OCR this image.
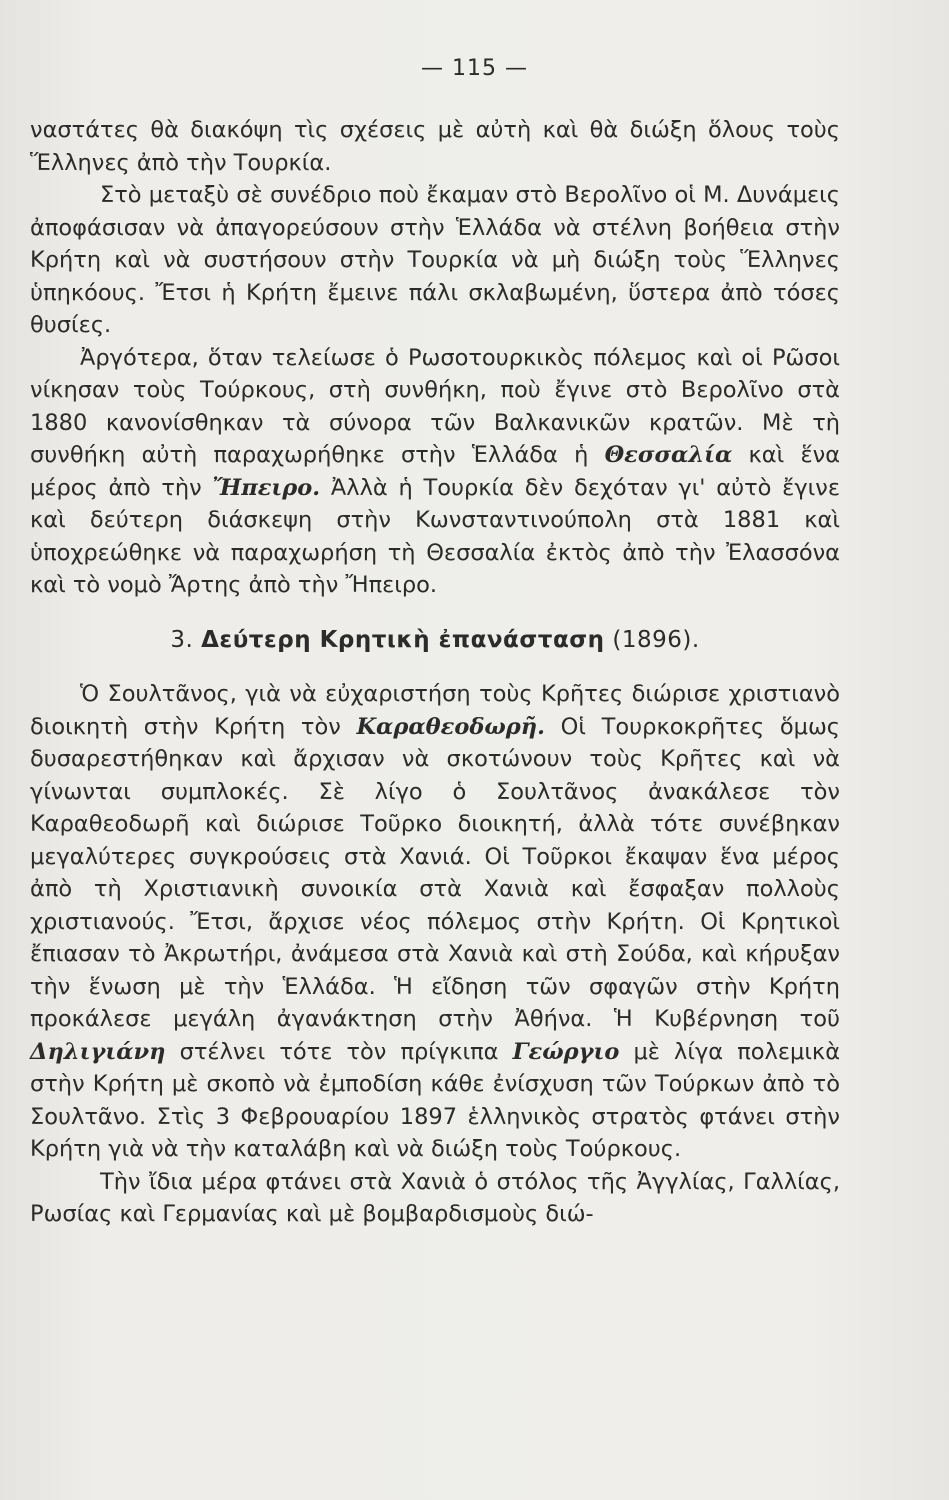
— 115 —

ναστάτες θὰ διακόψη τὶς σχέσεις μὲ αὐτὴ καὶ θὰ διώξη ὅλους τοὺς Ἕλληνες ἀπὸ τὴν Τουρκία.

Στὸ μεταξὺ σὲ συνέδριο ποὺ ἔκαμαν στὸ Βερολῖνο οἱ Μ. Δυνάμεις ἀποφάσισαν νὰ ἀπαγορεύσουν στὴν Ἑλλάδα νὰ στέλνη βοήθεια στὴν Κρήτη καὶ νὰ συστήσουν στὴν Τουρκία νὰ μὴ διώξη τοὺς Ἕλληνες ὑπηκόους. Ἔτσι ἡ Κρήτη ἔμεινε πάλι σκλαβωμένη, ὕστερα ἀπὸ τόσες θυσίες.

Ἀργότερα, ὅταν τελείωσε ὁ Ρωσοτουρκικὸς πόλεμος καὶ οἱ Ρῶσοι νίκησαν τοὺς Τούρκους, στὴ συνθήκη, ποὺ ἔγινε στὸ Βερολῖνο στὰ 1880 κανονίσθηκαν τὰ σύνορα τῶν Βαλκανικῶν κρατῶν. Μὲ τὴ συνθήκη αὐτὴ παραχωρήθηκε στὴν Ἑλλάδα ἡ Θεσσαλία καὶ ἕνα μέρος ἀπὸ τὴν Ἤπειρο. Ἀλλὰ ἡ Τουρκία δὲν δεχόταν γι' αὐτὸ ἔγινε καὶ δεύτερη διάσκεψη στὴν Κωνσταντινούπολη στὰ 1881 καὶ ὑποχρεώθηκε νὰ παραχωρήση τὴ Θεσσαλία ἐκτὸς ἀπὸ τὴν Ἐλασσόνα καὶ τὸ νομὸ Ἄρτης ἀπὸ τὴν Ἤπειρο.

3. Δεύτερη Κρητικὴ ἐπανάσταση (1896).

Ὁ Σουλτᾶνος, γιὰ νὰ εὐχαριστήση τοὺς Κρῆτες διώρισε χριστιανὸ διοικητὴ στὴν Κρήτη τὸν Καραθεοδωρῆ. Οἱ Τουρκοκρῆτες ὅμως δυσαρεστήθηκαν καὶ ἄρχισαν νὰ σκοτώνουν τοὺς Κρῆτες καὶ νὰ γίνωνται συμπλοκές. Σὲ λίγο ὁ Σουλτᾶνος ἀνακάλεσε τὸν Καραθεοδωρῆ καὶ διώρισε Τοῦρκο διοικητή, ἀλλὰ τότε συνέβηκαν μεγαλύτερες συγκρούσεις στὰ Χανιά. Οἱ Τοῦρκοι ἔκαψαν ἕνα μέρος ἀπὸ τὴ Χριστιανικὴ συνοικία στὰ Χανιὰ καὶ ἔσφαξαν πολλοὺς χριστιανούς. Ἔτσι, ἄρχισε νέος πόλεμος στὴν Κρήτη. Οἱ Κρητικοὶ ἔπιασαν τὸ Ἀκρωτήρι, ἀνάμεσα στὰ Χανιὰ καὶ στὴ Σούδα, καὶ κήρυξαν τὴν ἕνωση μὲ τὴν Ἑλλάδα. Ἡ εἴδηση τῶν σφαγῶν στὴν Κρήτη προκάλεσε μεγάλη ἀγανάκτηση στὴν Ἀθήνα. Ἡ Κυβέρνηση τοῦ Δηλιγιάνη στέλνει τότε τὸν πρίγκιπα Γεώργιο μὲ λίγα πολεμικὰ στὴν Κρήτη μὲ σκοπὸ νὰ ἐμποδίση κάθε ἐνίσχυση τῶν Τούρκων ἀπὸ τὸ Σουλτᾶνο. Στὶς 3 Φεβρουαρίου 1897 ἑλληνικὸς στρατὸς φτάνει στὴν Κρήτη γιὰ νὰ τὴν καταλάβη καὶ νὰ διώξη τοὺς Τούρκους.

Τὴν ἴδια μέρα φτάνει στὰ Χανιὰ ὁ στόλος τῆς Ἀγγλίας, Γαλλίας, Ρωσίας καὶ Γερμανίας καὶ μὲ βομβαρδισμοὺς διώ-
